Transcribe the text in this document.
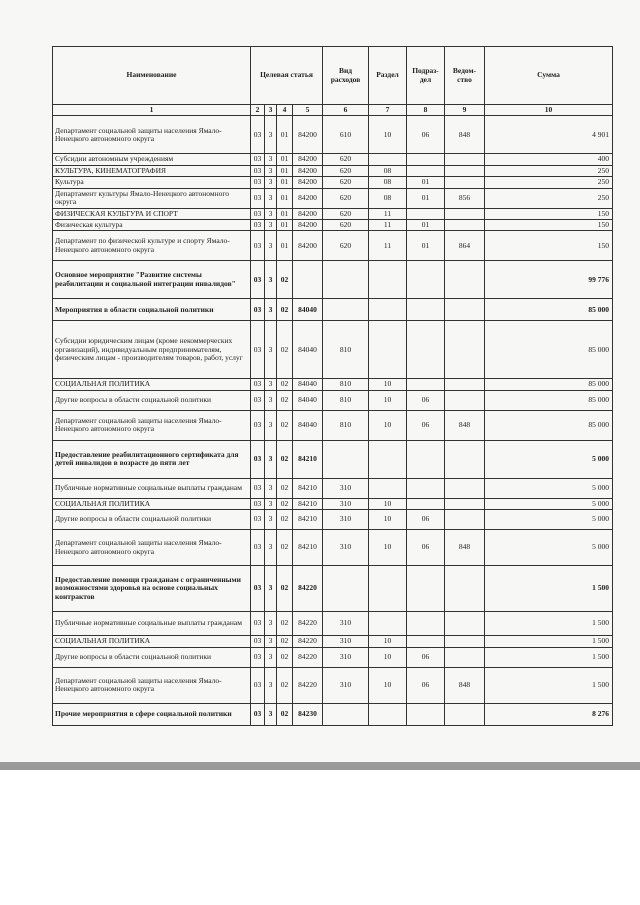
Наименование	Целевая статья				Вид расходов	Раздел	Подраз-дел	Ведом-ство	Сумма
1	2	3	4	5	6	7	8	9	10
Департамент социальной защиты населения Ямало-Ненецкого автономного округа	03	3	01	84200	610	10	06	848	4 901
Субсидии автономным учреждениям	03	3	01	84200	620				400
КУЛЬТУРА, КИНЕМАТОГРАФИЯ	03	3	01	84200	620	08			250
Культура	03	3	01	84200	620	08	01		250
Департамент культуры Ямало-Ненецкого автономного округа	03	3	01	84200	620	08	01	856	250
ФИЗИЧЕСКАЯ КУЛЬТУРА И СПОРТ	03	3	01	84200	620	11			150
Физическая культура	03	3	01	84200	620	11	01		150
Департамент по физической культуре и спорту Ямало-Ненецкого автономного округа	03	3	01	84200	620	11	01	864	150
Основное мероприятие "Развитие системы реабилитации и социальной интеграции инвалидов"	03	3	02						99 776
Мероприятия в области социальной политики	03	3	02	84040					85 000
Субсидии юридическим лицам (кроме некоммерческих организаций), индивидуальным предпринимателям, физическим лицам - производителям товаров, работ, услуг	03	3	02	84040	810				85 000
СОЦИАЛЬНАЯ ПОЛИТИКА	03	3	02	84040	810	10			85 000
Другие вопросы в области социальной политики	03	3	02	84040	810	10	06		85 000
Департамент социальной защиты населения Ямало-Ненецкого автономного округа	03	3	02	84040	810	10	06	848	85 000
Предоставление реабилитационного сертификата для детей инвалидов в возрасте до пяти лет	03	3	02	84210					5 000
Публичные нормативные социальные выплаты гражданам	03	3	02	84210	310				5 000
СОЦИАЛЬНАЯ ПОЛИТИКА	03	3	02	84210	310	10			5 000
Другие вопросы в области социальной политики	03	3	02	84210	310	10	06		5 000
Департамент социальной защиты населения Ямало-Ненецкого автономного округа	03	3	02	84210	310	10	06	848	5 000
Предоставление помощи гражданам с ограниченными возможностями здоровья на основе социальных контрактов	03	3	02	84220					1 500
Публичные нормативные социальные выплаты гражданам	03	3	02	84220	310				1 500
СОЦИАЛЬНАЯ ПОЛИТИКА	03	3	02	84220	310	10			1 500
Другие вопросы в области социальной политики	03	3	02	84220	310	10	06		1 500
Департамент социальной защиты населения Ямало-Ненецкого автономного округа	03	3	02	84220	310	10	06	848	1 500
Прочие мероприятия в сфере социальной политики	03	3	02	84230					8 276
